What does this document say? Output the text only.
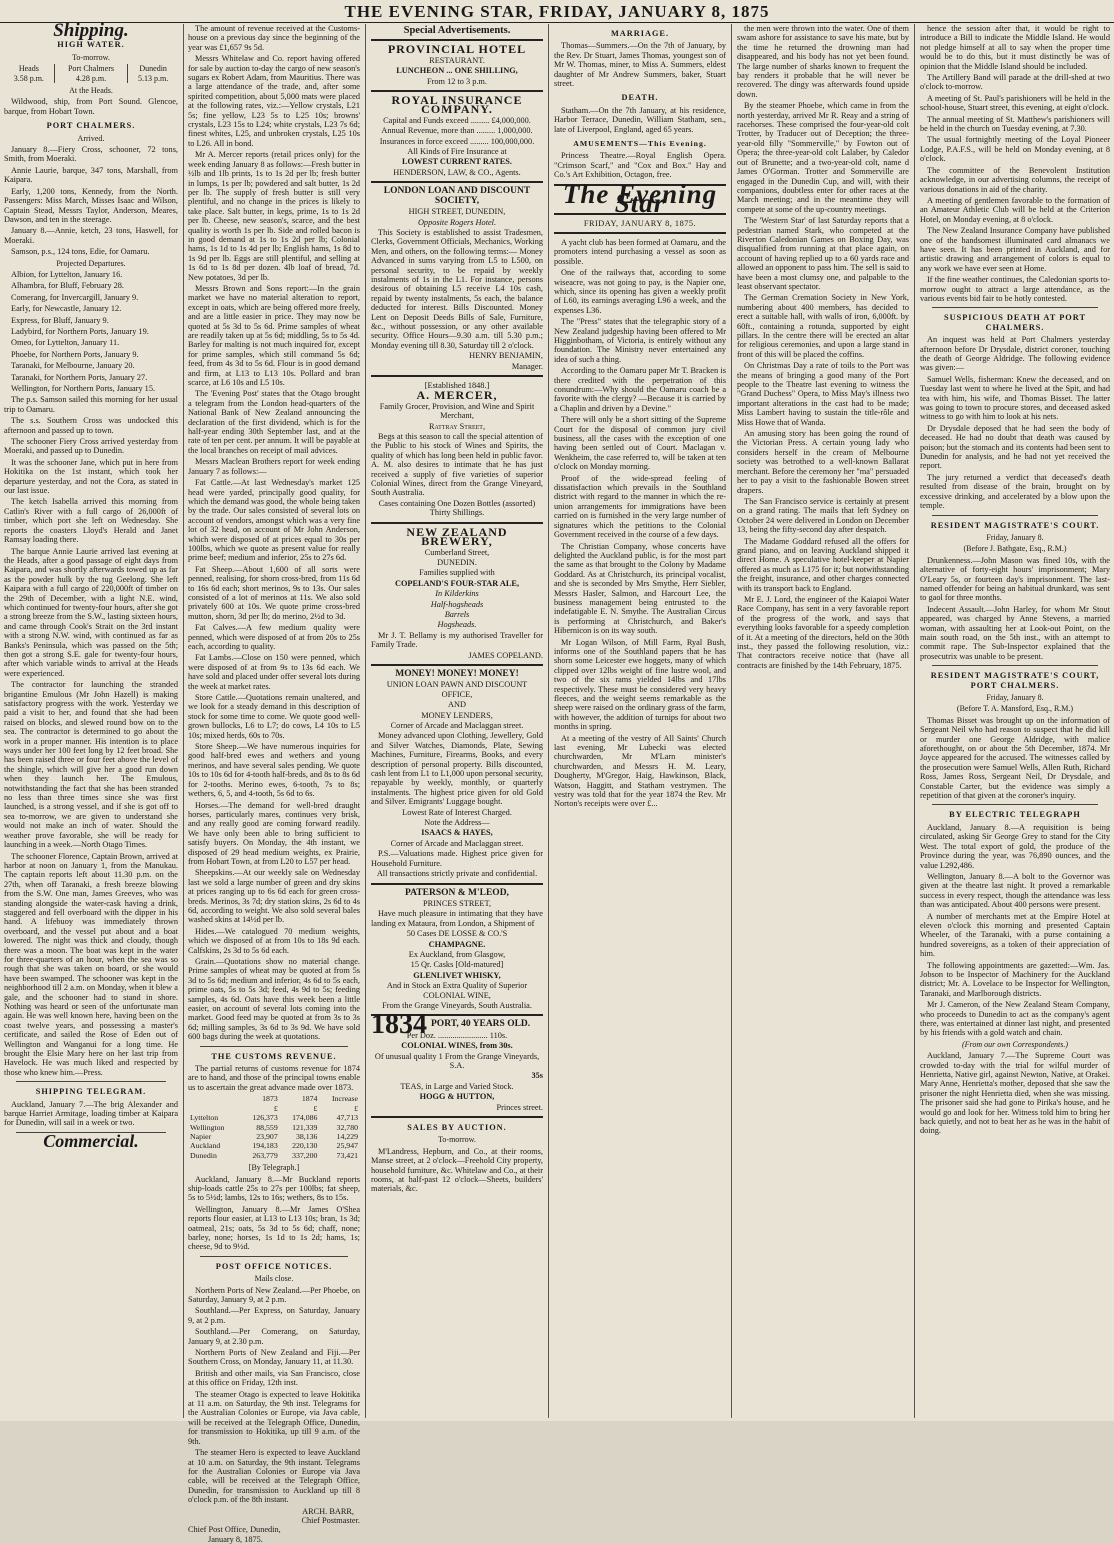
THE EVENING STAR, FRIDAY, JANUARY 8, 1875
Shipping.
HIGH WATER.
To-morrow.
Heads	Port Chalmers	Dunedin
3.58 p.m.	4.28 p.m.	5.13 p.m.
At the Heads.

Wildwood, ship, from Port Sound. Glencoe, barque, from Hobart Town.

PORT CHALMERS.
Arrived.

January 8.—Fiery Cross, schooner, 72 tons, Smith, from Moeraki.

Annie Laurie, barque, 347 tons, Marshall, from Kaipara.

Early, 1,200 tons, Kennedy, from the North. Passengers: Miss March, Misses Isaac and Wilson, Captain Stead, Messrs Taylor, Anderson, Meares, Dawson, and ten in the steerage.

January 8.—Annie, ketch, 23 tons, Haswell, for Moeraki.

Samson, p.s., 124 tons, Edie, for Oamaru.

Projected Departures.

Albion, for Lyttelton, January 16.

Alhambra, for Bluff, February 28.

Comerang, for Invercargill, January 9.

Early, for Newcastle, January 12.

Express, for Bluff, January 9.

Ladybird, for Northern Ports, January 19.

Omeo, for Lyttelton, January 11.

Phoebe, for Northern Ports, January 9.

Taranaki, for Melbourne, January 20.

Taranaki, for Northern Ports, January 27.

Wellington, for Northern Ports, January 15.

The p.s. Samson sailed this morning for her usual trip to Oamaru.

The s.s. Southern Cross was undocked this afternoon and passed up to town.

The schooner Fiery Cross arrived yesterday from Moeraki, and passed up to Dunedin.

It was the schooner Jane, which put in here from Hokitika on the 1st instant, which took her departure yesterday, and not the Cora, as stated in our last issue.

The ketch Isabella arrived this morning from Catlin's River with a full cargo of 26,000ft of timber, which port she left on Wednesday. She reports the coasters Lloyd's Herald and Janet Ramsay loading there.

The barque Annie Laurie arrived last evening at the Heads, after a good passage of eight days from Kaipara, and was shortly afterwards towed up as far as the powder hulk by the tug Geelong. She left Kaipara with a full cargo of 220,000ft of timber on the 29th of December, with a light N.E. wind, which continued for twenty-four hours, after she got a strong breeze from the S.W., lasting sixteen hours, and came through Cook's Strait on the 3rd instant with a strong N.W. wind, with continued as far as Banks's Peninsula, which was passed on the 5th; then got a strong S.E. gale for twenty-four hours, after which variable winds to arrival at the Heads were experienced.

The contractor for launching the stranded brigantine Emulous (Mr John Hazell) is making satisfactory progress with the work. Yesterday we paid a visit to her, and found that she had been raised on blocks, and slewed round bow on to the sea. The contractor is determined to go about the work in a proper manner. His intention is to place ways under her 100 feet long by 12 feet broad. She has been raised three or four feet above the level of the shingle, which will give her a good run down when they launch her. The Emulous, notwithstanding the fact that she has been stranded no less than three times since she was first launched, is a strong vessel, and if she is got off to sea to-morrow, we are given to understand she would not make an inch of water. Should the weather prove favorable, she will be ready for launching in a week.—North Otago Times.

The schooner Florence, Captain Brown, arrived at harbor at noon on January 1, from the Manukau. The captain reports left about 11.30 p.m. on the 27th, when off Taranaki, a fresh breeze blowing from the S.W. One man, James Greeves, who was standing alongside the water-cask having a drink, staggered and fell overboard with the dipper in his hand. A lifebuoy was immediately thrown overboard, and the vessel put about and a boat lowered. The night was thick and cloudy, though there was a moon. The boat was kept in the water for three-quarters of an hour, when the sea was so rough that she was taken on board, or she would have been swamped. The schooner was kept in the neighborhood till 2 a.m. on Monday, when it blew a gale, and the schooner had to stand in shore. Nothing was heard or seen of the unfortunate man again. He was well known here, having been on the coast twelve years, and possessing a master's certificate, and sailed the Rose of Eden out of Wellington and Wanganui for a long time. He brought the Elsie Mary here on her last trip from Havelock. He was much liked and respected by those who knew him.—Press.

SHIPPING TELEGRAM.

Auckland, January 7.—The brig Alexander and barque Harriet Armitage, loading timber at Kaipara for Dunedin, will sail in a week or two.

Commercial.

The amount of revenue received at the Customs-house on a previous day since the beginning of the year was £1,657 9s 5d.

Messrs Whitelaw and Co. report having offered for sale by auction to-day the cargo of new season's sugars ex Robert Adam, from Mauritius. There was a large attendance of the trade, and, after some spirited competition, about 5,000 mats were placed at the following rates, viz.:—Yellow crystals, L21 5s; fine yellow, L23 5s to L25 10s; browns' crystals, L23 15s to L24; white crystals, L23 7s 6d; finest whites, L25, and unbroken crystals, L25 10s to L26. All in bond.

Mr A. Mercer reports (retail prices only) for the week ending January 8 as follows:—Fresh butter in ½lb and 1lb prints, 1s to 1s 2d per lb; fresh butter in lumps, 1s per lb; powdered and salt butter, 1s 2d per lb. The supply of fresh butter is still very plentiful, and no change in the prices is likely to take place. Salt butter, in kegs, prime, 1s to 1s 2d per lb. Cheese, new season's, scarce, and the best quality is worth 1s per lb. Side and rolled bacon is in good demand at 1s to 1s 2d per lb; Colonial hams, 1s 1d to 1s 4d per lb; English hams, 1s 8d to 1s 9d per lb. Eggs are still plentiful, and selling at 1s 6d to 1s 8d per dozen. 4lb loaf of bread, 7d. New potatoes, 3d per lb.

Messrs Brown and Sons report:—In the grain market we have no material alteration to report, except in oats, which are being offered more freely, and are a little easier in price. They may now be quoted at 5s 3d to 5s 6d. Prime samples of wheat are readily taken up at 5s 6d; middling, 5s to 5s 4d. Barley for malting is not much inquired for, except for prime samples, which still command 5s 6d; feed, from 4s 3d to 5s 6d. Flour is in good demand and firm, at L13 to L13 10s. Pollard and bran scarce, at L6 10s and L5 10s.

The 'Evening Post' states that the Otago brought a telegram from the London head-quarters of the National Bank of New Zealand announcing the declaration of the first dividend, which is for the half-year ending 30th September last, and at the rate of ten per cent. per annum. It will be payable at the local branches on receipt of mail advices.

Messrs Maclean Brothers report for week ending January 7 as follows:—

Fat Cattle.—At last Wednesday's market 125 head were yarded, principally good quality, for which the demand was good, the whole being taken by the trade. Our sales consisted of several lots on account of vendors, amongst which was a very fine lot of 32 head, on account of Mr John Anderson, which were disposed of at prices equal to 30s per 100lbs, which we quote as present value for really prime beef; medium and inferior, 25s to 27s 6d.

Fat Sheep.—About 1,600 of all sorts were penned, realising, for shorn cross-bred, from 11s 6d to 16s 6d each; short merinos, 9s to 13s. Our sales consisted of a lot of merinos at 11s. We also sold privately 600 at 10s. We quote prime cross-bred mutton, shorn, 3d per lb; do merino, 2½d to 3d.

Fat Calves.—A few medium quality were penned, which were disposed of at from 20s to 25s each, according to quality.

Fat Lambs.—Close on 150 were penned, which were disposed of at from 9s to 13s 6d each. We have sold and placed under offer several lots during the week at market rates.

Store Cattle.—Quotations remain unaltered, and we look for a steady demand in this description of stock for some time to come. We quote good well-grown bullocks, L6 to L7; do cows, L4 10s to L5 10s; mixed herds, 60s to 70s.

Store Sheep.—We have numerous inquiries for good half-bred ewes and wethers and young merinos, and have several sales pending. We quote 10s to 10s 6d for 4-tooth half-breds, and 8s to 8s 6d for 2-tooths. Merino ewes, 6-tooth, 7s to 8s; wethers, 6, 5, and 4-tooth, 5s 6d to 6s.

Horses.—The demand for well-bred draught horses, particularly mares, continues very brisk, and any really good are coming forward readily. We have only been able to bring sufficient to satisfy buyers. On Monday, the 4th instant, we disposed of 29 head medium weights, ex Prairie, from Hobart Town, at from L20 to L57 per head.

Sheepskins.—At our weekly sale on Wednesday last we sold a large number of green and dry skins at prices ranging up to 6s 6d each for green cross-breds. Merinos, 3s 7d; dry station skins, 2s 6d to 4s 6d, according to weight. We also sold several bales washed skins at 14½d per lb.

Hides.—We catalogued 70 medium weights, which we disposed of at from 10s to 18s 9d each. Calfskins, 2s 3d to 5s 6d each.

Grain.—Quotations show no material change. Prime samples of wheat may be quoted at from 5s 3d to 5s 6d; medium and inferior, 4s 6d to 5s each, prime oats, 5s to 5s 3d; feed, 4s 9d to 5s; feeding samples, 4s 6d. Oats have this week been a little easier, on account of several lots coming into the market. Good feed may be quoted at from 3s to 3s 6d; milling samples, 3s 6d to 3s 9d. We have sold 600 bags during the week at quotations.

THE CUSTOMS REVENUE.

The partial returns of customs revenue for 1874 are to hand, and those of the principal towns enable us to ascertain the great advance made over 1873.

	1873	1874	Increase
	£	£	£
Lyttelton	126,373	174,086	47,713
Wellington	88,559	121,339	32,780
Napier	23,907	38,136	14,229
Auckland	194,183	220,130	25,947
Dunedin	263,779	337,200	73,421
[By Telegraph.]

Auckland, January 8.—Mr Buckland reports ship-loads cattle 25s to 27s per 100lbs; fat sheep, 5s to 5½d; lambs, 12s to 16s; wethers, 8s to 15s.

Wellington, January 8.—Mr James O'Shea reports flour easier, at L13 to L13 10s; bran, 1s 3d; oatmeal, 21s; oats, 5s 3d to 5s 6d; chaff, none; barley, none; horses, 1s 1d to 1s 2d; hams, 1s; cheese, 9d to 9½d.

POST OFFICE NOTICES.
Mails close.

Northern Ports of New Zealand.—Per Phoebe, on Saturday, January 9, at 2 p.m.

Southland.—Per Express, on Saturday, January 9, at 2 p.m.

Southland.—Per Comerang, on Saturday, January 9, at 2.30 p.m.

Northern Ports of New Zealand and Fiji.—Per Southern Cross, on Monday, January 11, at 11.30.

British and other mails, via San Francisco, close at this office on Friday, 12th inst.

The steamer Otago is expected to leave Hokitika at 11 a.m. on Saturday, the 9th inst. Telegrams for the Australian Colonies or Europe, via Java cable, will be received at the Telegraph Office, Dunedin, for transmission to Hokitika, up till 9 a.m. of the 9th.

The steamer Hero is expected to leave Auckland at 10 a.m. on Saturday, the 9th instant. Telegrams for the Australian Colonies or Europe via Java cable, will be received at the Telegraph Office, Dunedin, for transmission to Auckland up till 8 o'clock p.m. of the 8th instant.

ARCH. BARR,
Chief Postmaster.
Chief Post Office, Dunedin,
January 8, 1875.
Special Advertisements.
PROVINCIAL HOTEL

RESTAURANT.

LUNCHEON ... ONE SHILLING,

From 12 to 3 p.m.

ROYAL INSURANCE COMPANY.

Capital and Funds exceed ......... £4,000,000.

Annual Revenue, more than ......... 1,000,000.

Insurances in force exceed ......... 100,000,000.

All Kinds of Fire Insurance at

LOWEST CURRENT RATES.

HENDERSON, LAW, & CO., Agents.

LONDON LOAN AND DISCOUNT SOCIETY,

HIGH STREET, DUNEDIN,

Opposite Rogers Hotel.

This Society is established to assist Tradesmen, Clerks, Government Officials, Mechanics, Working Men, and others, on the following terms:— Money Advanced in sums varying from L5 to L500, on personal security, to be repaid by weekly instalments of 1s in the L1. For instance, persons desirous of obtaining L5 receive L4 10s cash, repaid by twenty instalments, 5s each, the balance deducted for interest. Bills Discounted. Money Lent on Deposit Deeds Bills of Sale, Furniture, &c., without possession, or any other available security. Office Hours—9.30 a.m. till 5.30 p.m.; Monday evening till 8.30, Saturday till 2 o'clock.

HENRY BENJAMIN,

Manager.

[Established 1848.]

A. MERCER,

Family Grocer, Provision, and Wine and Spirit Merchant,

Rattray Street,

Begs at this season to call the special attention of the Public to his stock of Wines and Spirits, the quality of which has long been held in public favor. A. M. also desires to intimate that he has just received a supply of five varieties of superior Colonial Wines, direct from the Grange Vineyard, South Australia.

Cases containing One Dozen Bottles (assorted) Thirty Shillings.

NEW ZEALAND BREWERY,

Cumberland Street,

DUNEDIN.

Families supplied with

COPELAND'S FOUR-STAR ALE,

In Kilderkins

Half-hogsheads

Barrels

Hogsheads.

Mr J. T. Bellamy is my authorised Traveller for Family Trade.

JAMES COPELAND.

MONEY! MONEY! MONEY!

UNION LOAN PAWN AND DISCOUNT OFFICE,

AND

MONEY LENDERS,

Corner of Arcade and Maclaggan street.

Money advanced upon Clothing, Jewellery, Gold and Silver Watches, Diamonds, Plate, Sewing Machines, Furniture, Firearms, Books, and every description of personal property. Bills discounted, cash lent from L1 to L1,000 upon personal security, repayable by weekly, monthly, or quarterly instalments. The highest price given for old Gold and Silver. Emigrants' Luggage bought.

Lowest Rate of Interest Charged.

Note the Address—

ISAACS & HAYES,

Corner of Arcade and Maclaggan street.

P.S.—Valuations made. Highest price given for Household Furniture.

All transactions strictly private and confidential.

PATERSON & M'LEOD,

PRINCES STREET,

Have much pleasure in intimating that they have landing ex Mataura, from London, a Shipment of

50 Cases DE LOSSE & CO.'S

CHAMPAGNE.

Ex Auckland, from Glasgow,

15 Qr. Casks [Old-matured]

GLENLIVET WHISKY,

And in Stock an Extra Quality of Superior COLONIAL WINE,

From the Grange Vineyards, South Australia.

1834 PORT, 40 YEARS OLD.

Per Doz. ........................ 110s.

COLONIAL WINES, from 30s.

Of unusual quality 1 From the Grange Vineyards, S.A.

35s

TEAS, in Large and Varied Stock.

HOGG & HUTTON,

Princes street.

SALES BY AUCTION.
To-morrow.

M'Landress, Hepburn, and Co., at their rooms, Manse street, at 2 o'clock—Freehold City property, household furniture, &c. Whitelaw and Co., at their rooms, at half-past 12 o'clock—Sheets, builders' materials, &c.

MARRIAGE.

Thomas—Summers.—On the 7th of January, by the Rev. Dr Stuart, James Thomas, youngest son of Mr W. Thomas, miner, to Miss A. Summers, eldest daughter of Mr Andrew Summers, baker, Stuart street.

DEATH.

Statham.—On the 7th January, at his residence, Harbor Terrace, Dunedin, William Statham, sen., late of Liverpool, England, aged 65 years.

AMUSEMENTS—This Evening.

Princess Theatre.—Royal English Opera. "Crimson Scarf," and "Cox and Box." Hay and Co.'s Art Exhibition, Octagon, free.

The Evening Star
FRIDAY, JANUARY 8, 1875.

A yacht club has been formed at Oamaru, and the promoters intend purchasing a vessel as soon as possible.

One of the railways that, according to some wiseacre, was not going to pay, is the Napier one, which, since its opening has given a weekly profit of L60, its earnings averaging L96 a week, and the expenses L36.

The "Press" states that the telegraphic story of a New Zealand judgeship having been offered to Mr Higginbotham, of Victoria, is entirely without any foundation. The Ministry never entertained any idea of such a thing.

According to the Oamaru paper Mr T. Bracken is there credited with the perpetration of this conundrum:—Why should the Oamaru coach be a favorite with the clergy? —Because it is carried by a Chaplin and driven by a Devine."

There will only be a short sitting of the Supreme Court for the disposal of common jury civil business, all the cases with the exception of one having been settled out of Court. Maclagan v. Wenkheim, the case referred to, will be taken at ten o'clock on Monday morning.

Proof of the wide-spread feeling of dissatisfaction which prevails in the Southland district with regard to the manner in which the re-union arrangements for immigrations have been carried on is furnished in the very large number of signatures which the petitions to the Colonial Government received in the course of a few days.

The Christian Company, whose concerts have delighted the Auckland public, is for the most part the same as that brought to the Colony by Madame Goddard. As at Christchurch, its principal vocalist, and she is seconded by Mrs Smythe, Herr Siebler, Messrs Hasler, Salmon, and Harcourt Lee, the business management being entrusted to the indefatigable E. N. Smythe. The Australian Circus is performing at Christchurch, and Baker's Hibernicon is on its way south.

Mr Logan Wilson, of Mill Farm, Ryal Bush, informs one of the Southland papers that he has shorn some Leicester ewe hoggets, many of which clipped over 12lbs weight of fine lustre wool, and two of the six rams yielded 14lbs and 17lbs respectively. These must be considered very heavy fleeces, and the weight seems remarkable as the sheep were raised on the ordinary grass of the farm, with however, the addition of turnips for about two months in spring.

At a meeting of the vestry of All Saints' Church last evening, Mr Lubecki was elected churchwarden, Mr M'Larn minister's churchwarden, and Messrs H. M. Leary, Dougherty, M'Gregor, Haig, Hawkinson, Black, Watson, Haggitt, and Statham vestrymen. The vestry was told that for the year 1874 the Rev. Mr Norton's receipts were over £...

the men were thrown into the water. One of them swam ashore for assistance to save his mate, but by the time he returned the drowning man had disappeared, and his body has not yet been found. The large number of sharks known to frequent the bay renders it probable that he will never be recovered. The dingy was afterwards found upside down.

By the steamer Phoebe, which came in from the north yesterday, arrived Mr R. Reay and a string of racehorses. These comprised the four-year-old colt Trotter, by Traducer out of Deception; the three-year-old filly "Sommerville," by Fowton out of Opera; the three-year-old colt Lalaber, by Caledor out of Brunette; and a two-year-old colt, name d James O'Gorman. Trotter and Sommerville are engaged in the Dunedin Cup, and will, with their companions, doubtless enter for other races at the March meeting; and in the meantime they will compete at some of the up-country meetings.

The 'Western Star' of last Saturday reports that a pedestrian named Stark, who competed at the Riverton Caledonian Games on Boxing Day, was disqualified from running at that place again, on account of having replied up to a 60 yards race and allowed an opponent to pass him. The sell is said to have been a most clumsy one, and palpable to the least observant spectator.

The German Cremation Society in New York, numbering about 400 members, has decided to erect a suitable hall, with walls of iron, 6,000ft. by 60ft., containing a rotunda, supported by eight pillars. In the centre there will be erected an altar for religious ceremonies, and upon a large stand in front of this will be placed the coffins.

On Christmas Day a rate of toils to the Port was the means of bringing a good many of the Port people to the Theatre last evening to witness the "Grand Duchess" Opera, to Miss May's illness two important alterations in the cast had to be made; Miss Lambert having to sustain the title-rôle and Miss Howe that of Wanda.

An amusing story has been going the round of the Victorian Press. A certain young lady who considers herself in the cream of Melbourne society was betrothed to a well-known Ballarat merchant. Before the ceremony her "ma" persuaded her to pay a visit to the fashionable Bowen street drapers.

The San Francisco service is certainly at present on a grand rating. The mails that left Sydney on October 24 were delivered in London on December 13, being the fifty-second day after despatch.

The Madame Goddard refused all the offers for grand piano, and on leaving Auckland shipped it direct Home. A speculative hotel-keeper at Napier offered as much as L175 for it; but notwithstanding the freight, insurance, and other charges connected with its transport back to England.

Mr E. J. Lord, the engineer of the Kaiapoi Water Race Company, has sent in a very favorable report of the progress of the work, and says that everything looks favorable for a speedy completion of it. At a meeting of the directors, held on the 30th inst., they passed the following resolution, viz.: That contractors receive notice that (have all contracts are finished by the 14th February, 1875.

hence the session after that, it would be right to introduce a Bill to indicate the Middle Island. He would not pledge himself at all to say when the proper time would be to do this, but it must distinctly be was of opinion that the Middle Island should be included.

The Artillery Band will parade at the drill-shed at two o'clock to-morrow.

A meeting of St. Paul's parishioners will be held in the school-house, Stuart street, this evening, at eight o'clock.

The annual meeting of St. Matthew's parishioners will be held in the church on Tuesday evening, at 7.30.

The usual fortnightly meeting of the Loyal Pioneer Lodge, P.A.F.S., will be held on Monday evening, at 8 o'clock.

The committee of the Benevolent Institution acknowledge, in our advertising columns, the receipt of various donations in aid of the charity.

A meeting of gentlemen favorable to the formation of an Amateur Athletic Club will be held at the Criterion Hotel, on Monday evening, at 8 o'clock.

The New Zealand Insurance Company have published one of the handsomest illuminated card almanacs we have seen. It has been printed in Auckland, and for artistic drawing and arrangement of colors is equal to any work we have ever seen at Home.

If the fine weather continues, the Caledonian sports to-morrow ought to attract a large attendance, as the various events bid fair to be hotly contested.

SUSPICIOUS DEATH AT PORT CHALMERS.

An inquest was held at Port Chalmers yesterday afternoon before Dr Drysdale, district coroner, touching the death of George Aldridge. The following evidence was given:—

Samuel Wells, fisherman: Knew the deceased, and on Tuesday last went to where he lived at the Spit, and had tea with him, his wife, and Thomas Bisset. The latter was going to town to procure stores, and deceased asked witness to go with him to look at his nets.

Dr Drysdale deposed that he had seen the body of deceased. He had no doubt that death was caused by poison; but the stomach and its contents had been sent to Dunedin for analysis, and he had not yet received the report.

The jury returned a verdict that deceased's death resulted from disease of the brain, brought on by excessive drinking, and accelerated by a blow upon the temple.

RESIDENT MAGISTRATE'S COURT.
Friday, January 8.
(Before J. Bathgate, Esq., R.M.)

Drunkenness.—John Mason was fined 10s, with the alternative of forty-eight hours' imprisonment; Mary O'Leary 5s, or fourteen day's imprisonment. The last-named offender for being an habitual drunkard, was sent to gaol for three months.

Indecent Assault.—John Harley, for whom Mr Stout appeared, was charged by Anne Stevens, a married woman, with assaulting her at Look-out Point, on the main south road, on the 5th inst., with an attempt to commit rape. The Sub-Inspector explained that the prosecutrix was unable to be present.

RESIDENT MAGISTRATE'S COURT, PORT CHALMERS.
Friday, January 8.
(Before T. A. Mansford, Esq., R.M.)

Thomas Bisset was brought up on the information of Sergeant Neil who had reason to suspect that he did kill or murder one George Aldridge, with malice aforethought, on or about the 5th December, 1874. Mr Joyce appeared for the accused. The witnesses called by the prosecution were Samuel Wells, Allen Ruth, Richard Ross, James Ross, Sergeant Neil, Dr Drysdale, and Constable Carter, but the evidence was simply a repetition of that given at the coroner's inquiry.

BY ELECTRIC TELEGRAPH

Auckland, January 8.—A requisition is being circulated, asking Sir George Grey to stand for the City West. The total export of gold, the produce of the Province during the year, was 76,890 ounces, and the value L292,486.

Wellington, January 8.—A bolt to the Governor was given at the theatre last night. It proved a remarkable success in every respect, though the attendance was less than was anticipated. About 400 persons were present.

A number of merchants met at the Empire Hotel at eleven o'clock this morning and presented Captain Wheeler, of the Taranaki, with a purse containing a hundred sovereigns, as a token of their appreciation of him.

The following appointments are gazetted:—Wm. Jas. Jobson to be Inspector of Machinery for the Auckland district; Mr. A. Lovelace to be Inspector for Wellington, Taranaki, and Marlborough districts.

Mr J. Cameron, of the New Zealand Steam Company, who proceeds to Dunedin to act as the company's agent there, was entertained at dinner last night, and presented by his friends with a gold watch and chain.

(From our own Correspondents.)

Auckland, January 7.—The Supreme Court was crowded to-day with the trial for wilful murder of Henrietta, Native girl, against Newton, Native, at Orakei. Mary Anne, Henrietta's mother, deposed that she saw the prisoner the night Henrietta died, when she was missing. The prisoner said she had gone to Pirika's house, and he would go and look for her. Witness told him to bring her back quietly, and not to beat her as he was in the habit of doing.
